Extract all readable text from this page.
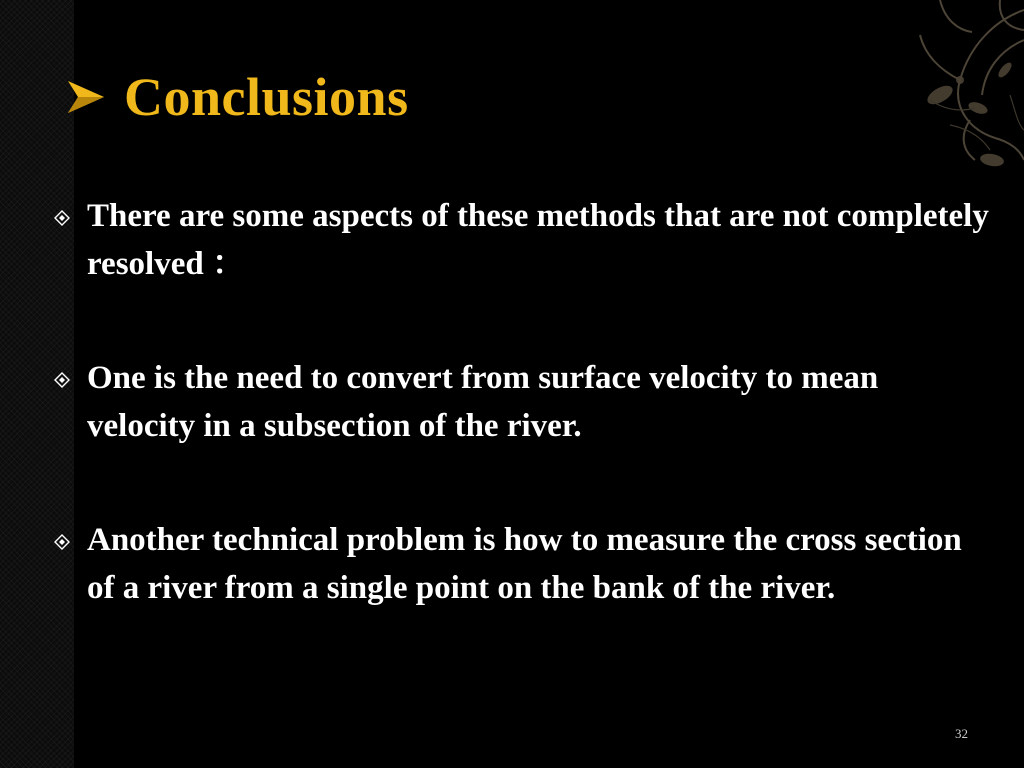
Conclusions
There are some aspects of these methods that are not completely resolved ：
One is the need to convert from surface velocity to mean velocity in a subsection of the river.
Another technical problem is how to measure the cross section of a river from a single point on the bank of the river.
32
